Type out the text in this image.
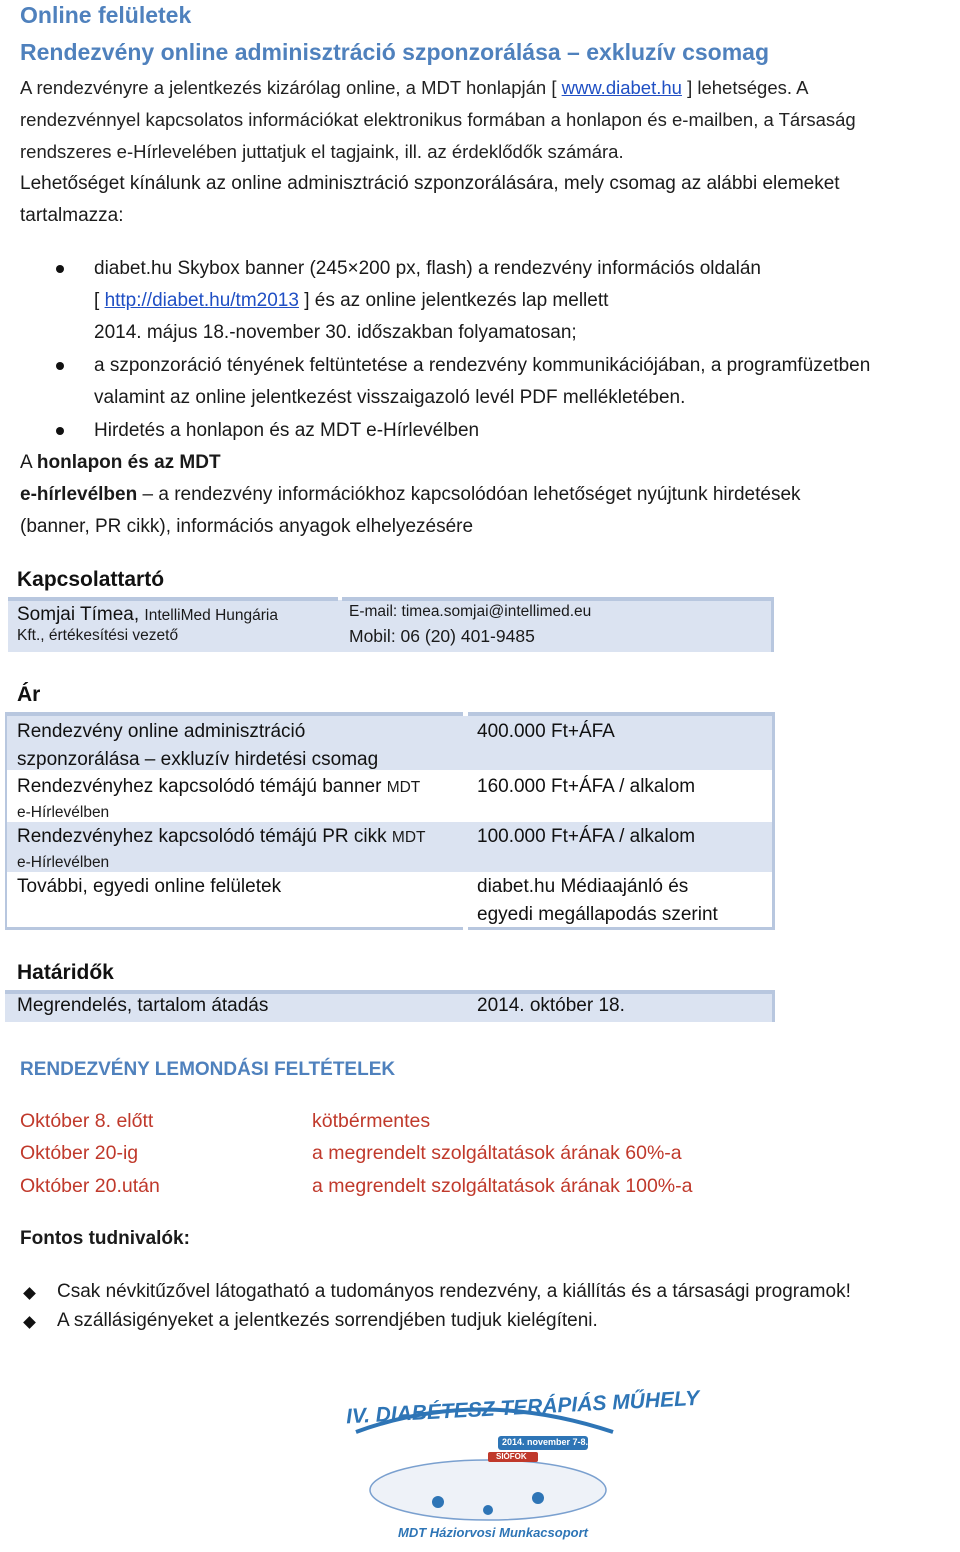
Online felületek
Rendezvény online adminisztráció szponzorálása – exkluzív csomag
A rendezvényre a jelentkezés kizárólag online, a MDT honlapján [ www.diabet.hu ] lehetséges. A
rendezvénnyel kapcsolatos információkat elektronikus formában a honlapon és e-mailben, a Társaság
rendszeres e-Hírlevelében juttatjuk el tagjaink, ill. az érdeklődők számára.
Lehetőséget kínálunk az online adminisztráció szponzorálására, mely csomag az alábbi elemeket
tartalmazza:
diabet.hu Skybox banner (245×200 px, flash) a rendezvény információs oldalán
[ http://diabet.hu/tm2013 ] és az online jelentkezés lap mellett
2014. május 18.-november 30. időszakban folyamatosan;
a szponzoráció tényének feltüntetése a rendezvény kommunikációjában, a programfüzetben
valamint az online jelentkezést visszaigazoló levél PDF mellékletében.
Hirdetés a honlapon és az MDT e-Hírlevélben
A honlapon és az MDT
e-hírlevélben – a rendezvény információkhoz kapcsolódóan lehetőséget nyújtunk hirdetések
(banner, PR cikk), információs anyagok elhelyezésére
Kapcsolattartó
Somjai Tímea, IntelliMed Hungária
Kft., értékesítési vezető
E-mail: timea.somjai@intellimed.eu
Mobil: 06 (20) 401-9485
Ár
Rendezvény online adminisztráció
szponzorálása – exkluzív hirdetési csomag
400.000 Ft+ÁFA
Rendezvényhez kapcsolódó témájú banner MDT
e-Hírlevélben
160.000 Ft+ÁFA / alkalom
Rendezvényhez kapcsolódó témájú PR cikk MDT
e-Hírlevélben
100.000 Ft+ÁFA / alkalom
További, egyedi online felületek	diabet.hu Médiaajánló és
egyedi megállapodás szerint
Határidők
Megrendelés, tartalom átadás	2014. október 18.
RENDEZVÉNY LEMONDÁSI FELTÉTELEK
Október 8. előtt	kötbérmentes
Október 20-ig	a megrendelt szolgáltatások árának 60%-a
Október 20.után	a megrendelt szolgáltatások árának 100%-a
Fontos tudnivalók:
Csak névkitűzővel látogatható a tudományos rendezvény, a kiállítás és a társasági programok!
A szállásigényeket a jelentkezés sorrendjében tudjuk kielégíteni.
IV. DIABÉTESZ TERÁPIÁS MŰHELY
2014. november 7-8.
SIÓFOK
MDT Háziorvosi Munkacsoport
